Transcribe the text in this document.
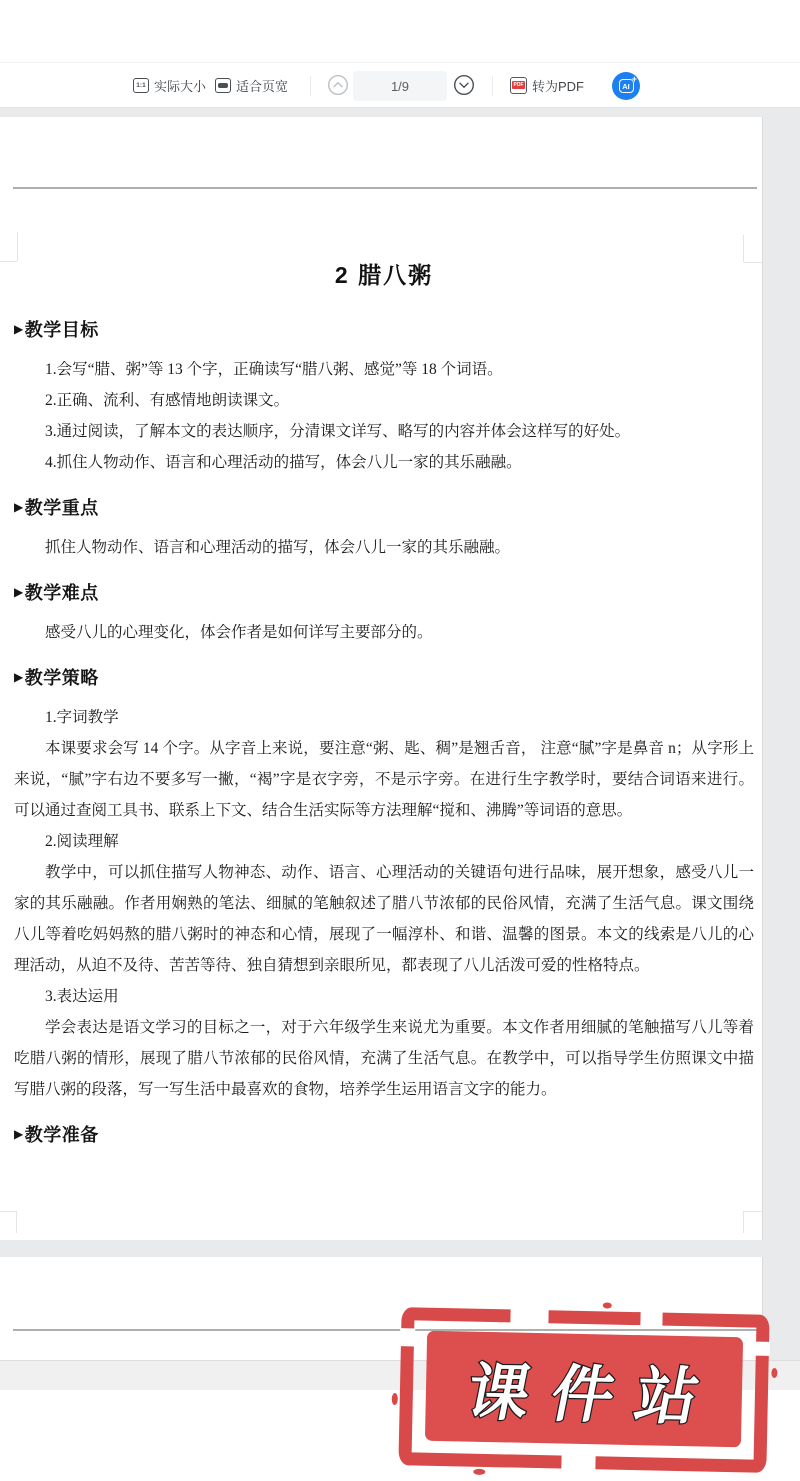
1:1 实际大小 适合页宽	1/9	PDF 转为PDF	AI
+
2 腊八粥
▶ 教学目标

1.会写“腊、粥”等 13 个字，正确读写“腊八粥、感觉”等 18 个词语。

2.正确、流利、有感情地朗读课文。

3.通过阅读，了解本文的表达顺序，分清课文详写、略写的内容并体会这样写的好处。

4.抓住人物动作、语言和心理活动的描写，体会八儿一家的其乐融融。

▶ 教学重点

抓住人物动作、语言和心理活动的描写，体会八儿一家的其乐融融。

▶ 教学难点

感受八儿的心理变化，体会作者是如何详写主要部分的。

▶ 教学策略

1.字词教学

本课要求会写 14 个字。从字音上来说，要注意“粥、匙、稠”是翘舌音， 注意“腻”字是鼻音 n；从字形上来说，“腻”字右边不要多写一撇，“褐”字是衣字旁，不是示字旁。在进行生字教学时，要结合词语来进行。可以通过查阅工具书、联系上下文、结合生活实际等方法理解“搅和、沸腾”等词语的意思。

2.阅读理解

教学中，可以抓住描写人物神态、动作、语言、心理活动的关键语句进行品味，展开想象，感受八儿一家的其乐融融。作者用娴熟的笔法、细腻的笔触叙述了腊八节浓郁的民俗风情，充满了生活气息。课文围绕八儿等着吃妈妈熬的腊八粥时的神态和心情，展现了一幅淳朴、和谐、温馨的图景。本文的线索是八儿的心理活动，从迫不及待、苦苦等待、独自猜想到亲眼所见，都表现了八儿活泼可爱的性格特点。

3.表达运用

学会表达是语文学习的目标之一，对于六年级学生来说尤为重要。本文作者用细腻的笔触描写八儿等着吃腊八粥的情形，展现了腊八节浓郁的民俗风情，充满了生活气息。在教学中，可以指导学生仿照课文中描写腊八粥的段落，写一写生活中最喜欢的食物，培养学生运用语言文字的能力。

▶ 教学准备
课件站
